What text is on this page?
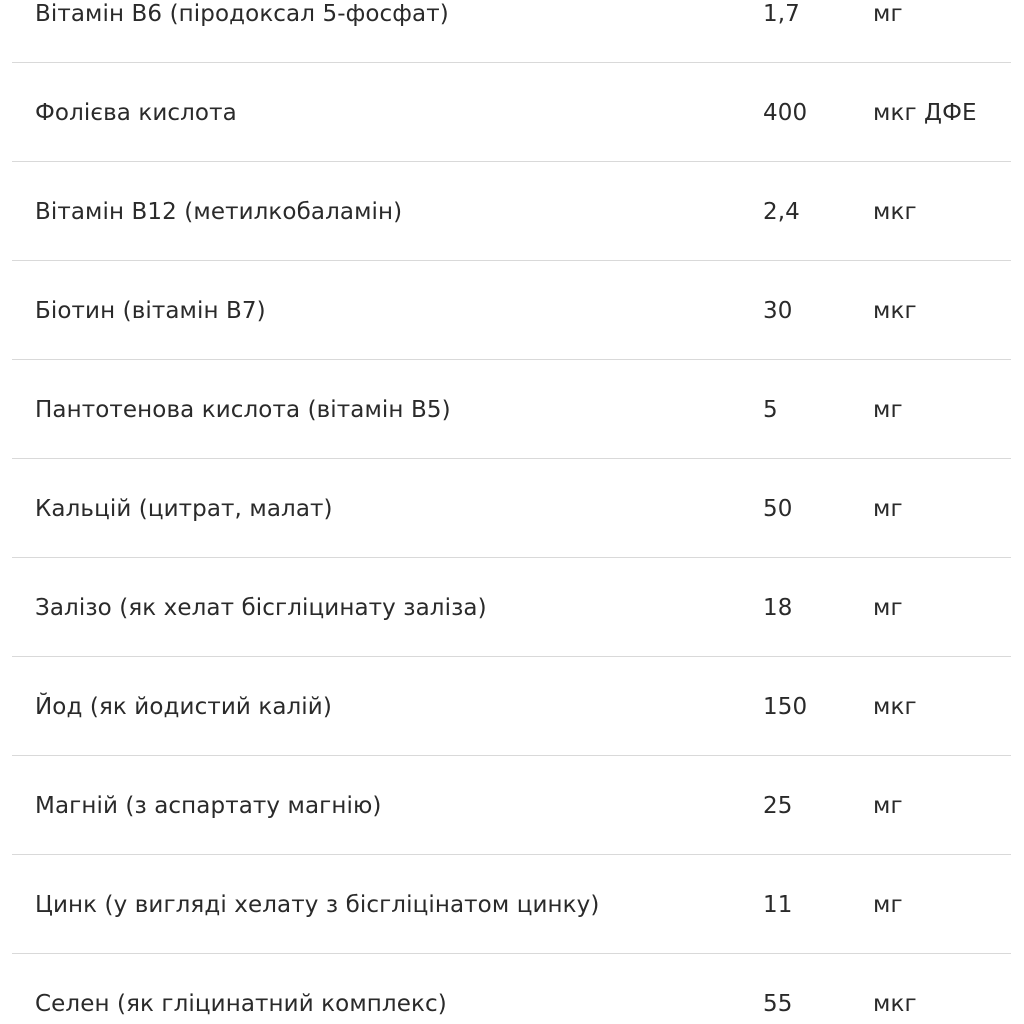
Вітамін B6 (піродоксал 5-фосфат)	1,7	мг
Фолієва кислота	400	мкг ДФЕ
Вітамін B12 (метилкобаламін)	2,4	мкг
Біотин (вітамін B7)	30	мкг
Пантотенова кислота (вітамін B5)	5	мг
Кальцій (цитрат, малат)	50	мг
Залізо (як хелат бісгліцинату заліза)	18	мг
Йод (як йодистий калій)	150	мкг
Магній (з аспартату магнію)	25	мг
Цинк (у вигляді хелату з бісгліцінатом цинку)	11	мг
Селен (як гліцинатний комплекс)	55	мкг
